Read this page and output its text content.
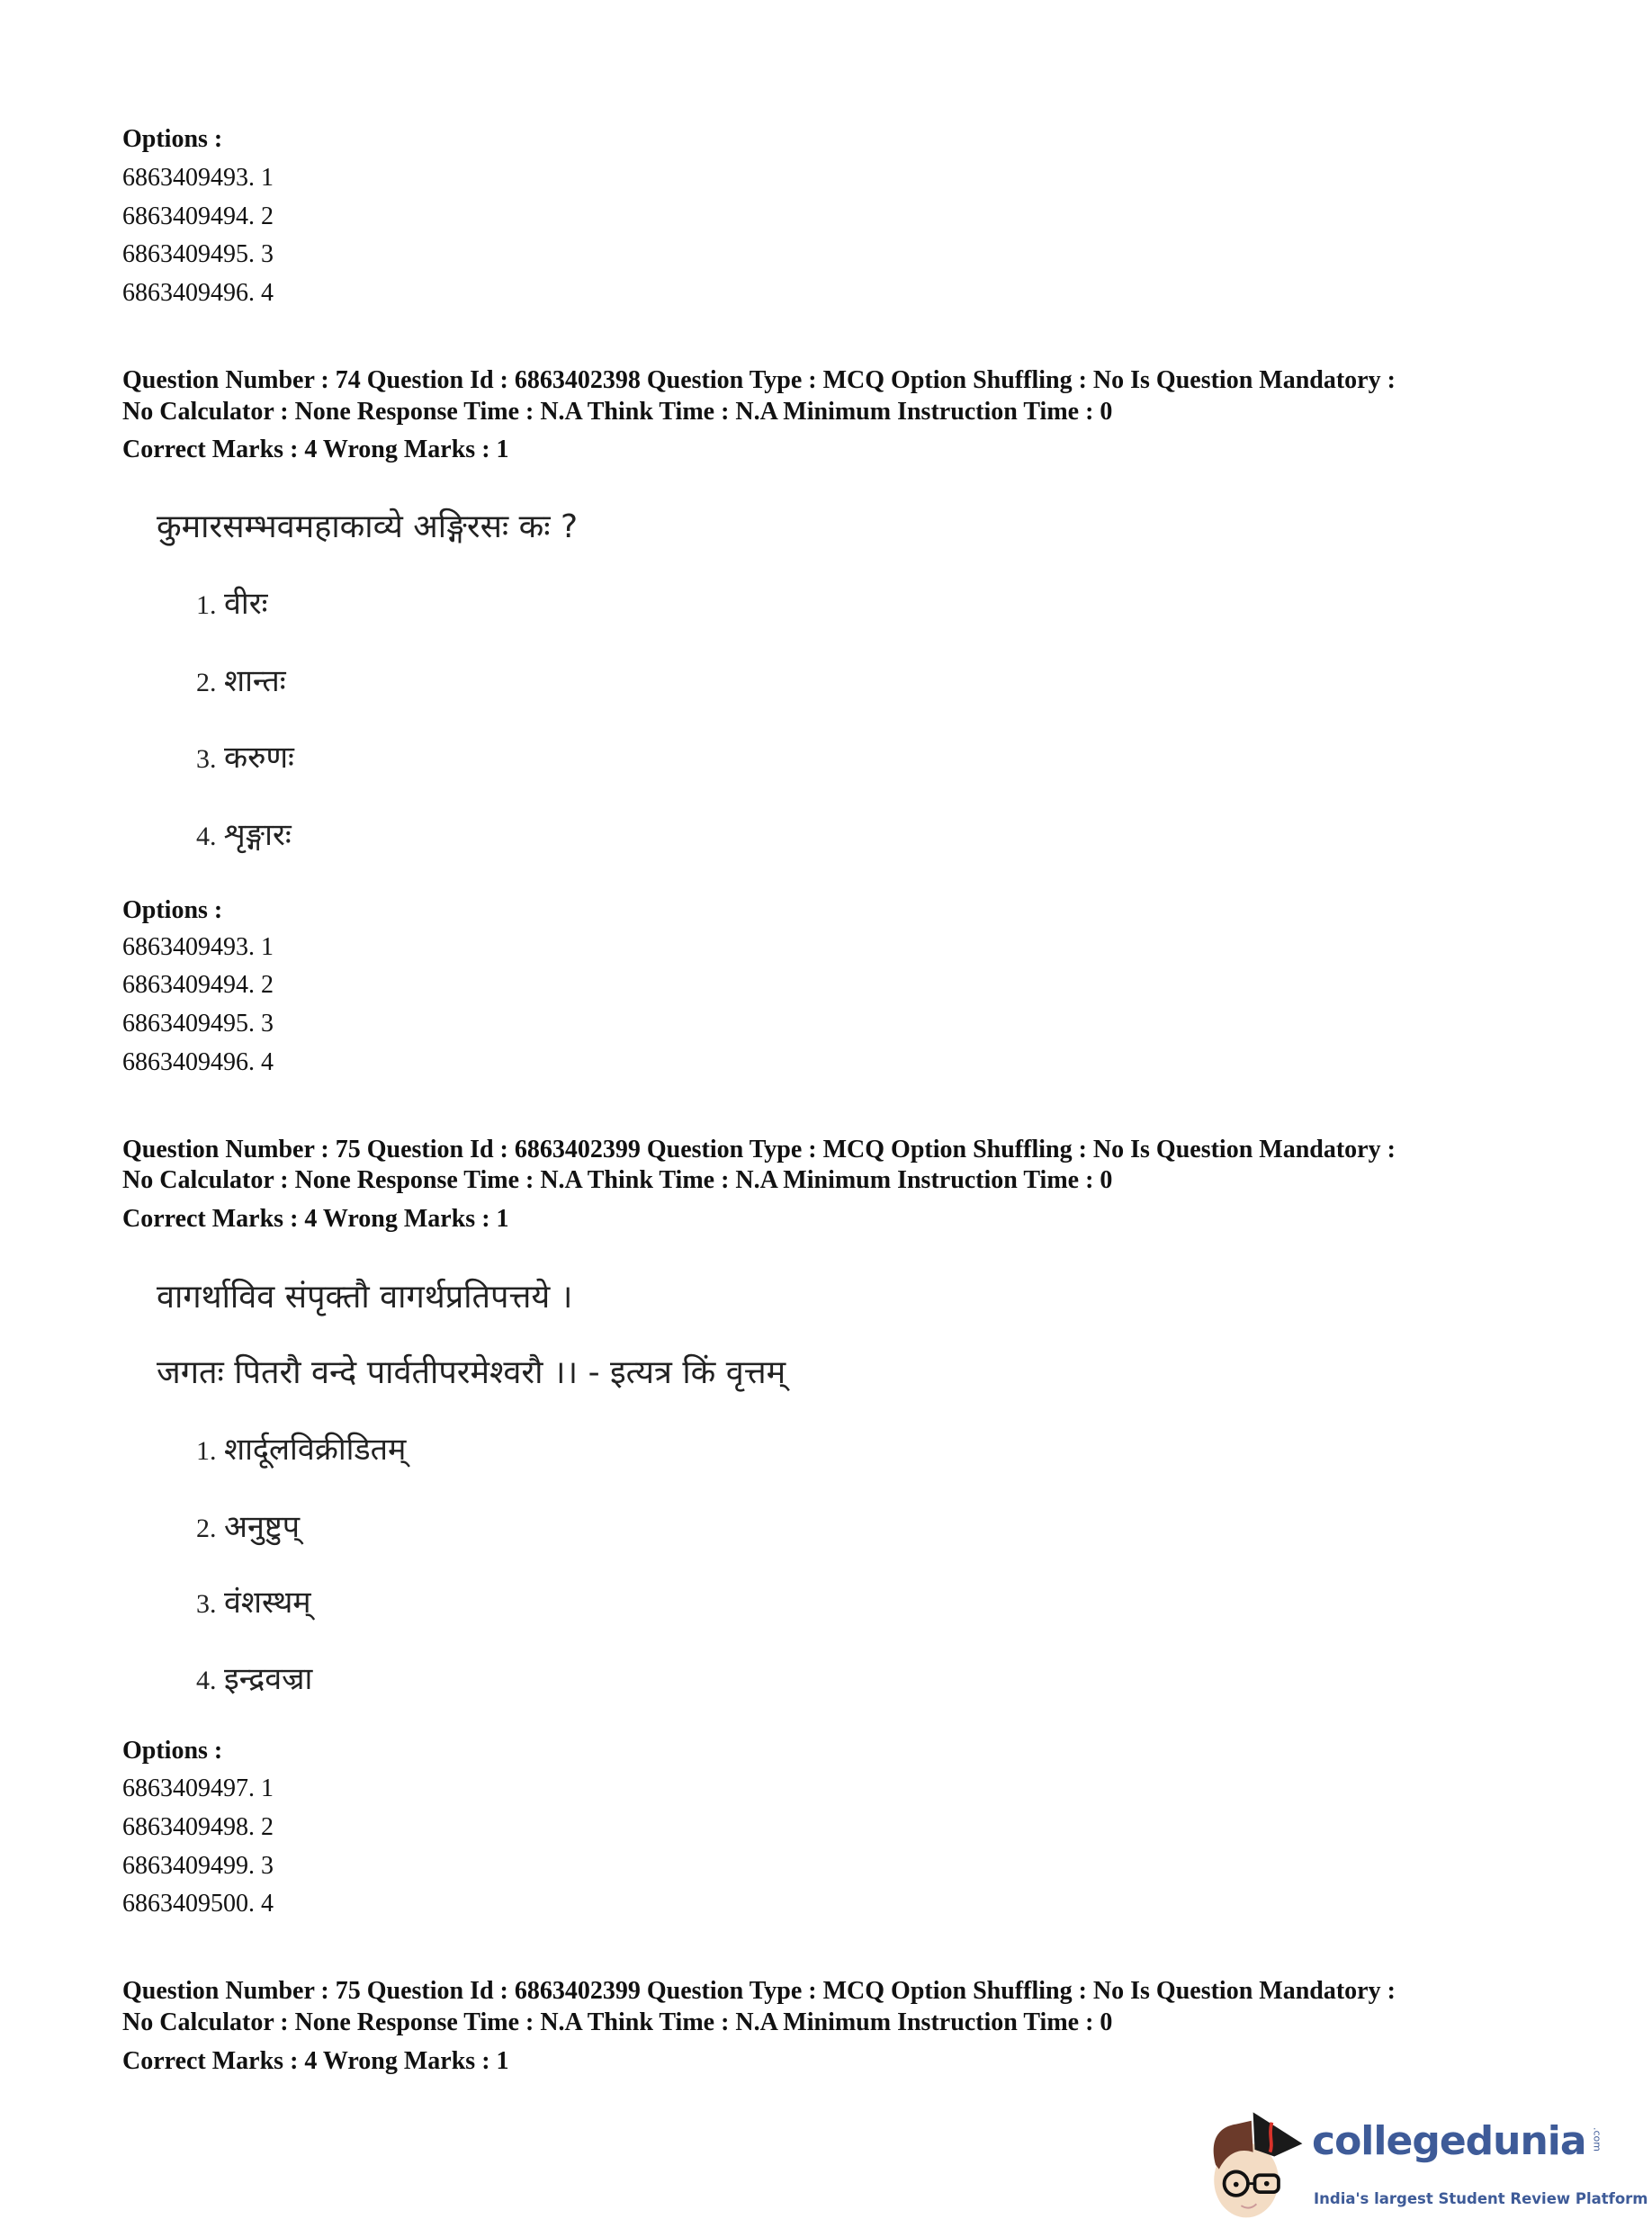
Options :
6863409493. 1
6863409494. 2
6863409495. 3
6863409496. 4
Question Number : 74 Question Id : 6863402398 Question Type : MCQ Option Shuffling : No Is Question Mandatory :
No Calculator : None Response Time : N.A Think Time : N.A Minimum Instruction Time : 0
Correct Marks : 4 Wrong Marks : 1
कुमारसम्भवमहाकाव्ये अङ्गिरसः कः ?
1. वीरः
2. शान्तः
3. करुणः
4. शृङ्गारः
Options :
6863409493. 1
6863409494. 2
6863409495. 3
6863409496. 4
Question Number : 75 Question Id : 6863402399 Question Type : MCQ Option Shuffling : No Is Question Mandatory :
No Calculator : None Response Time : N.A Think Time : N.A Minimum Instruction Time : 0
Correct Marks : 4 Wrong Marks : 1
वागर्थाविव संपृक्तौ वागर्थप्रतिपत्तये ।
जगतः पितरौ वन्दे पार्वतीपरमेश्वरौ ।। - इत्यत्र किं वृत्तम्
1. शार्दूलविक्रीडितम्
2. अनुष्टुप्
3. वंशस्थम्
4. इन्द्रवज्रा
Options :
6863409497. 1
6863409498. 2
6863409499. 3
6863409500. 4
Question Number : 75 Question Id : 6863402399 Question Type : MCQ Option Shuffling : No Is Question Mandatory :
No Calculator : None Response Time : N.A Think Time : N.A Minimum Instruction Time : 0
Correct Marks : 4 Wrong Marks : 1
collegedunia .com
India's largest Student Review Platform
